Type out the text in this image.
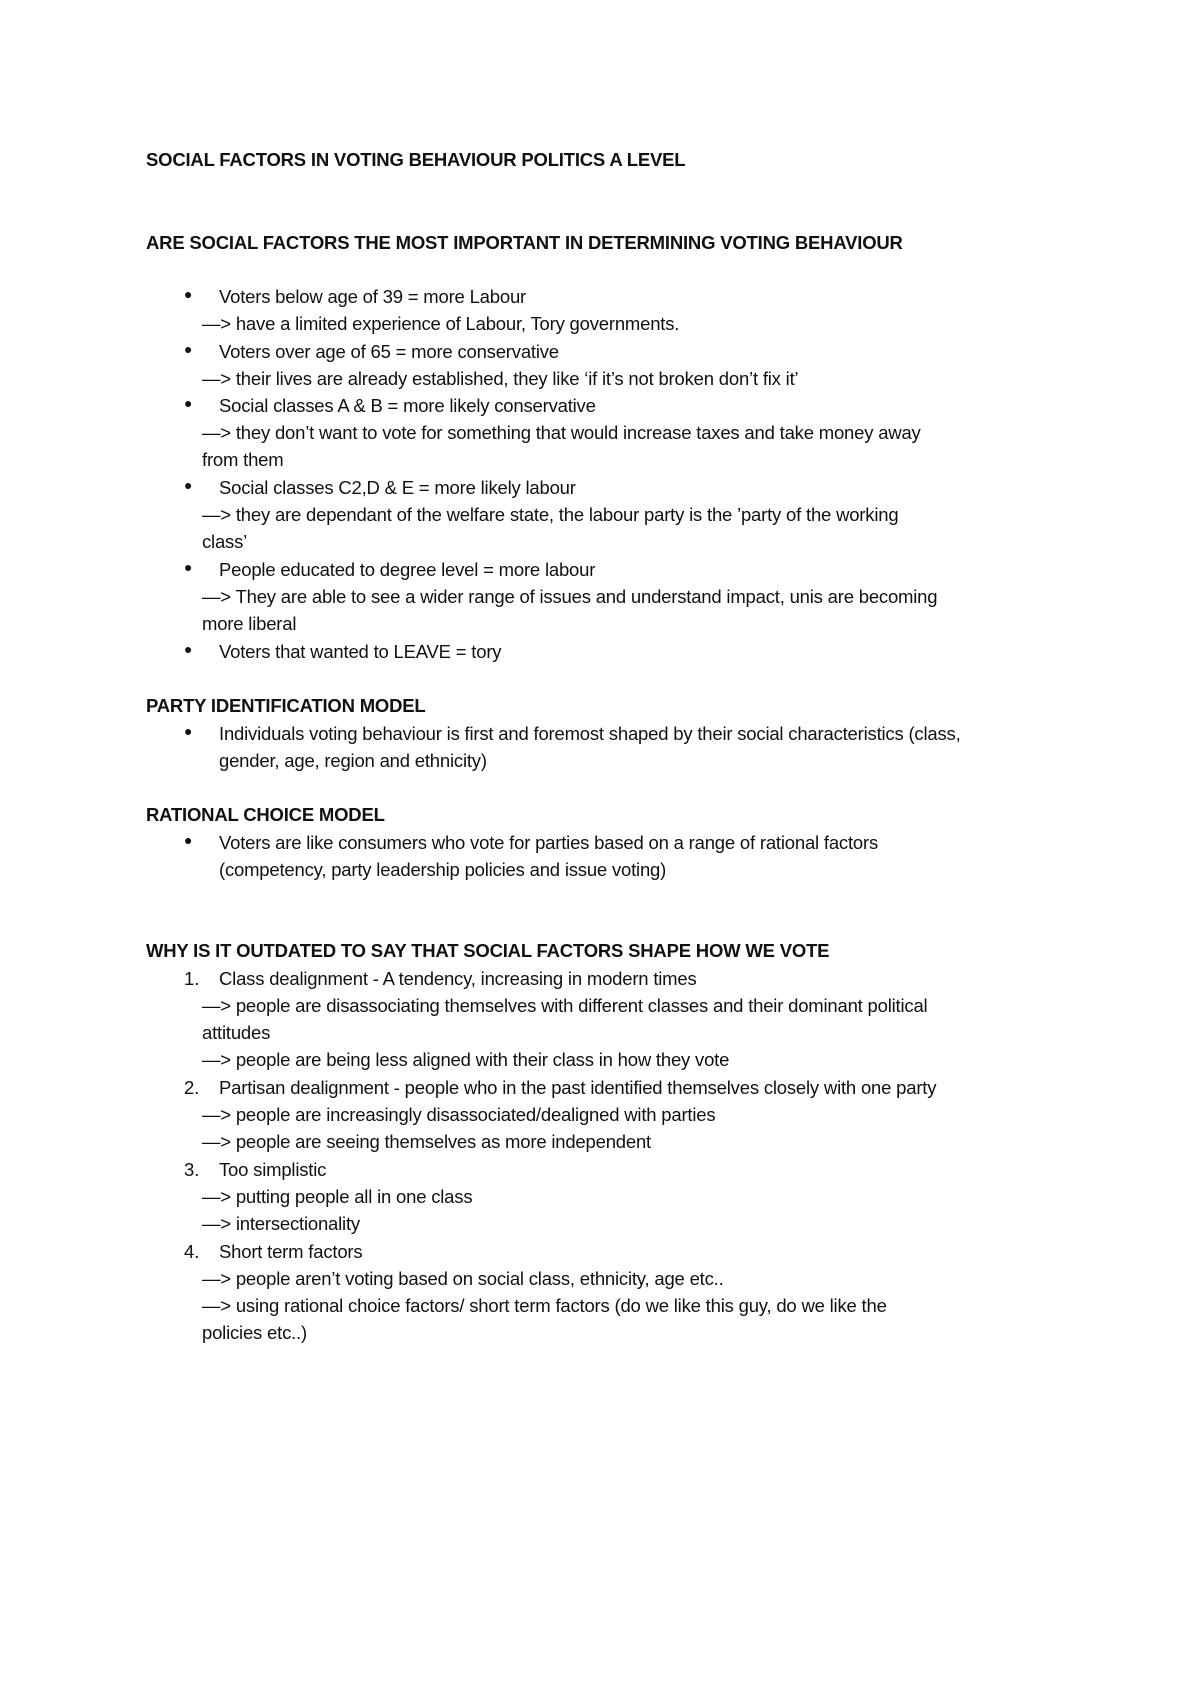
SOCIAL FACTORS IN VOTING BEHAVIOUR POLITICS A LEVEL
ARE SOCIAL FACTORS THE MOST IMPORTANT IN DETERMINING VOTING BEHAVIOUR
● Voters below age of 39 = more Labour
—> have a limited experience of Labour, Tory governments.
● Voters over age of 65 = more conservative
—> their lives are already established, they like ‘if it’s not broken don’t fix it’
● Social classes A & B = more likely conservative
—> they don’t want to vote for something that would increase taxes and take money away
from them
● Social classes C2,D & E = more likely labour
—> they are dependant of the welfare state, the labour party is the ’party of the working
class’
● People educated to degree level = more labour
—> They are able to see a wider range of issues and understand impact, unis are becoming
more liberal
● Voters that wanted to LEAVE = tory
PARTY IDENTIFICATION MODEL
● Individuals voting behaviour is first and foremost shaped by their social characteristics (class,
gender, age, region and ethnicity)
RATIONAL CHOICE MODEL
● Voters are like consumers who vote for parties based on a range of rational factors
(competency, party leadership policies and issue voting)
WHY IS IT OUTDATED TO SAY THAT SOCIAL FACTORS SHAPE HOW WE VOTE
1. Class dealignment - A tendency, increasing in modern times
—> people are disassociating themselves with different classes and their dominant political
attitudes
—> people are being less aligned with their class in how they vote
2. Partisan dealignment - people who in the past identified themselves closely with one party
—> people are increasingly disassociated/dealigned with parties
—> people are seeing themselves as more independent
3. Too simplistic
—> putting people all in one class
—> intersectionality
4. Short term factors
—> people aren’t voting based on social class, ethnicity, age etc..
—> using rational choice factors/ short term factors (do we like this guy, do we like the
policies etc..)
